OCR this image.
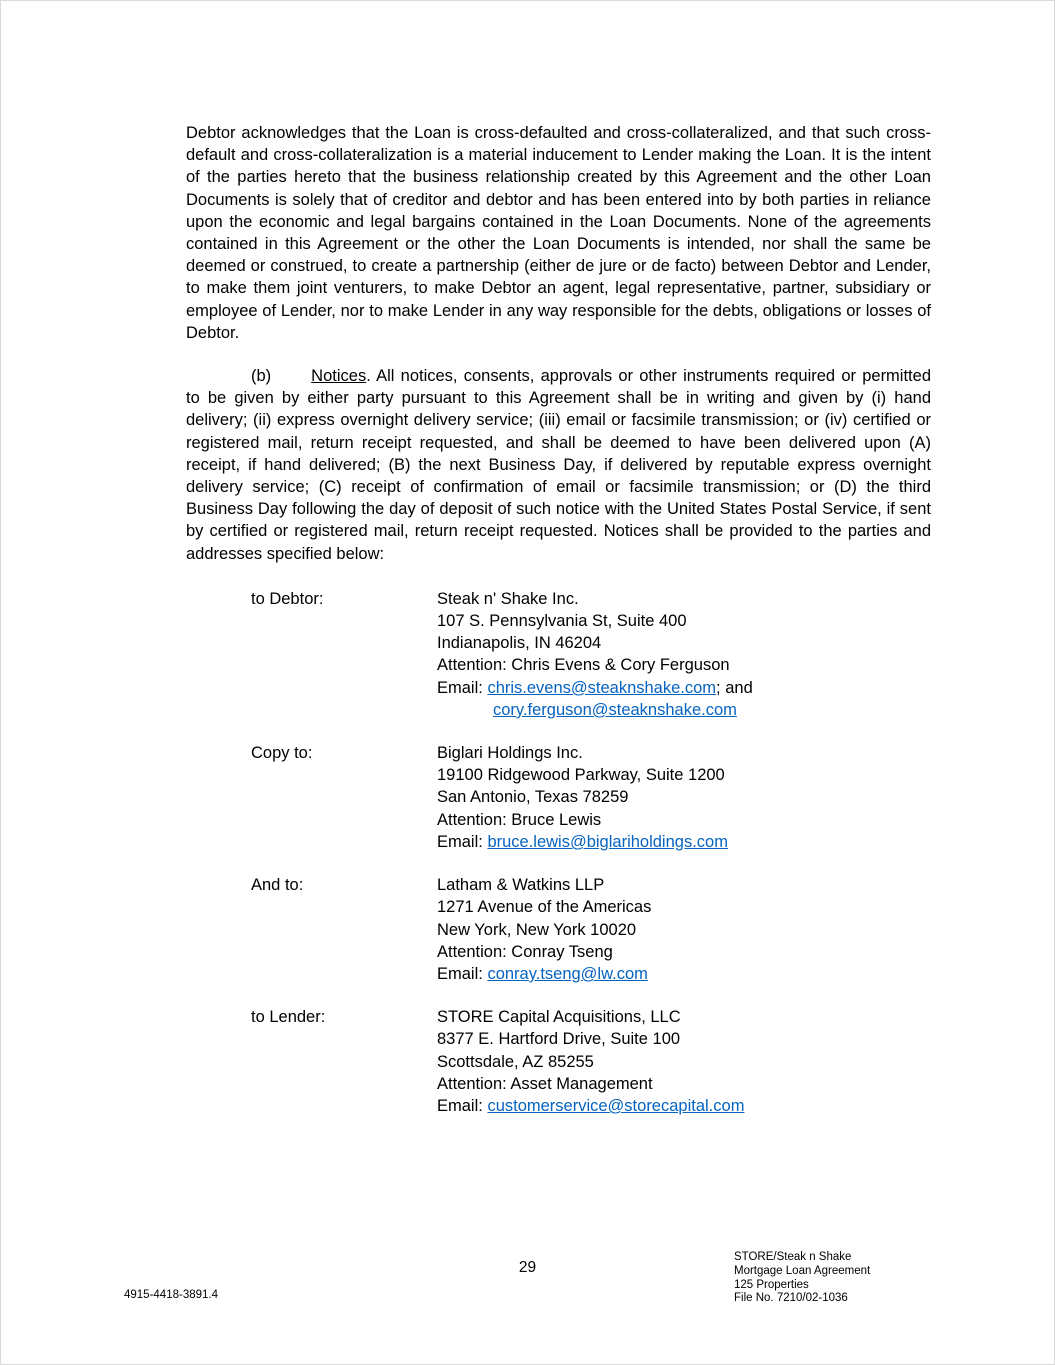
Debtor acknowledges that the Loan is cross-defaulted and cross-collateralized, and that such cross-default and cross-collateralization is a material inducement to Lender making the Loan. It is the intent of the parties hereto that the business relationship created by this Agreement and the other Loan Documents is solely that of creditor and debtor and has been entered into by both parties in reliance upon the economic and legal bargains contained in the Loan Documents. None of the agreements contained in this Agreement or the other the Loan Documents is intended, nor shall the same be deemed or construed, to create a partnership (either de jure or de facto) between Debtor and Lender, to make them joint venturers, to make Debtor an agent, legal representative, partner, subsidiary or employee of Lender, nor to make Lender in any way responsible for the debts, obligations or losses of Debtor.

(b) Notices. All notices, consents, approvals or other instruments required or permitted to be given by either party pursuant to this Agreement shall be in writing and given by (i) hand delivery; (ii) express overnight delivery service; (iii) email or facsimile transmission; or (iv) certified or registered mail, return receipt requested, and shall be deemed to have been delivered upon (A) receipt, if hand delivered; (B) the next Business Day, if delivered by reputable express overnight delivery service; (C) receipt of confirmation of email or facsimile transmission; or (D) the third Business Day following the day of deposit of such notice with the United States Postal Service, if sent by certified or registered mail, return receipt requested. Notices shall be provided to the parties and addresses specified below:

to Debtor:	Steak n' Shake Inc.
107 S. Pennsylvania St, Suite 400
Indianapolis, IN 46204
Attention: Chris Evens & Cory Ferguson
Email: chris.evens@steaknshake.com; and
cory.ferguson@steaknshake.com
Copy to:	Biglari Holdings Inc.
19100 Ridgewood Parkway, Suite 1200
San Antonio, Texas 78259
Attention: Bruce Lewis
Email: bruce.lewis@biglariholdings.com
And to:	Latham & Watkins LLP
1271 Avenue of the Americas
New York, New York 10020
Attention: Conray Tseng
Email: conray.tseng@lw.com
to Lender:	STORE Capital Acquisitions, LLC
8377 E. Hartford Drive, Suite 100
Scottsdale, AZ 85255
Attention: Asset Management
Email: customerservice@storecapital.com
29
4915-4418-3891.4
STORE/Steak n Shake
Mortgage Loan Agreement
125 Properties
File No. 7210/02-1036
